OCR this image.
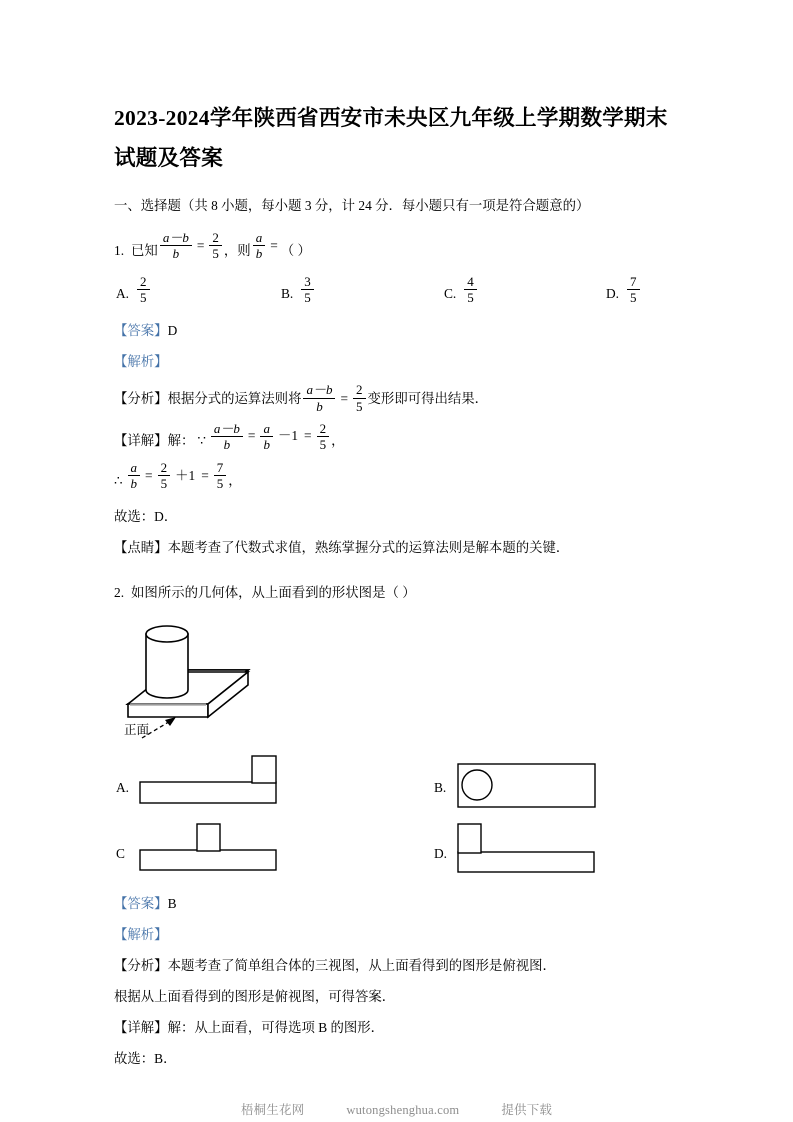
2023-2024学年陕西省西安市未央区九年级上学期数学期末试题及答案

一、选择题（共 8 小题，每小题 3 分，计 24 分．每小题只有一项是符合题意的）

1. 已知 $\frac{a-b}{b} = \frac{2}{5}$ ，则 $\frac{a}{b}$ = （ ）
A. $\frac{2}{5}$	B. $\frac{3}{5}$	C. $\frac{4}{5}$	D. $\frac{7}{5}$

【答案】D

【解析】

【分析】 根据分式的运算法则将 $\frac{a-b}{b} = \frac{2}{5}$ 变形即可得出结果．
【详解】 解： ∵ $\frac{a-b}{b} = \frac{a}{b} -1 = \frac{2}{5}$ ，
∴ $\frac{a}{b} = \frac{2}{5} +1 = \frac{7}{5}$ ，

故选：D．

【点睛】本题考查了代数式求值，熟练掌握分式的运算法则是解本题的关键．

2. 如图所示的几何体，从上面看到的形状图是（ ）

正面
A.	B.
C	D.

【答案】B

【解析】

【分析】本题考查了简单组合体的三视图，从上面看得到的图形是俯视图．

根据从上面看得到的图形是俯视图，可得答案．

【详解】解：从上面看，可得选项 B 的图形．

故选：B．

梧桐生花网	wutongshenghua.com	提供下载
